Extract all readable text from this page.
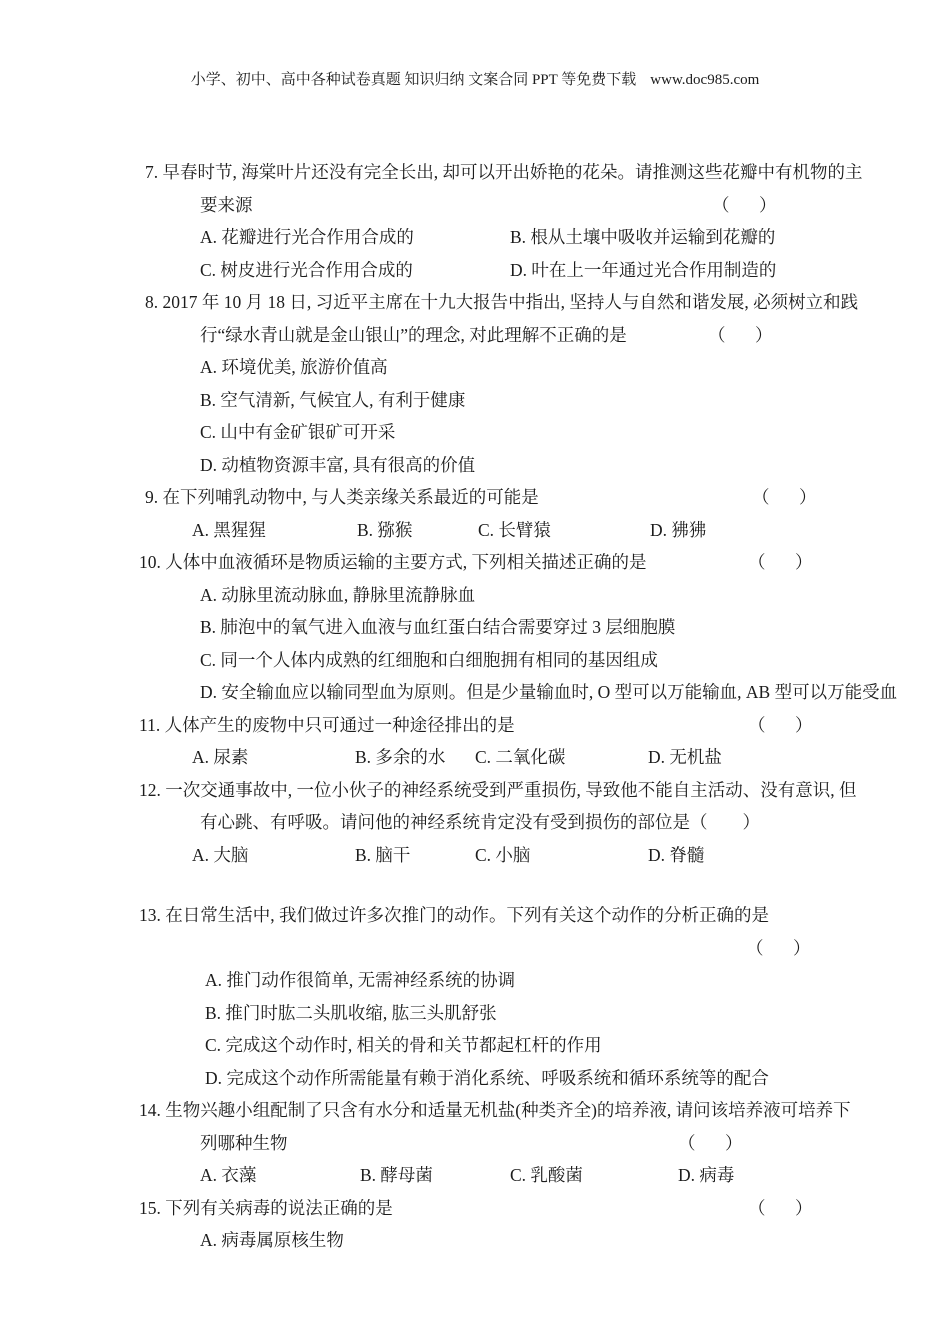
小学、初中、高中各种试卷真题 知识归纳 文案合同 PPT 等免费下载 www.doc985.com
7. 早春时节, 海棠叶片还没有完全长出, 却可以开出娇艳的花朵。请推测这些花瓣中有机物的主
要来源	（　）
A. 花瓣进行光合作用合成的	B. 根从土壤中吸收并运输到花瓣的
C. 树皮进行光合作用合成的	D. 叶在上一年通过光合作用制造的
8. 2017 年 10 月 18 日, 习近平主席在十九大报告中指出, 坚持人与自然和谐发展, 必须树立和践
行“绿水青山就是金山银山”的理念, 对此理解不正确的是	（　）
A. 环境优美, 旅游价值高
B. 空气清新, 气候宜人, 有利于健康
C. 山中有金矿银矿可开采
D. 动植物资源丰富, 具有很高的价值
9. 在下列哺乳动物中, 与人类亲缘关系最近的可能是	（　）
A. 黑猩猩	B. 猕猴	C. 长臂猿	D. 狒狒
10. 人体中血液循环是物质运输的主要方式, 下列相关描述正确的是	（　）
A. 动脉里流动脉血, 静脉里流静脉血
B. 肺泡中的氧气进入血液与血红蛋白结合需要穿过 3 层细胞膜
C. 同一个人体内成熟的红细胞和白细胞拥有相同的基因组成
D. 安全输血应以输同型血为原则。但是少量输血时, O 型可以万能输血, AB 型可以万能受血
11. 人体产生的废物中只可通过一种途径排出的是	（　）
A. 尿素	B. 多余的水 C. 二氧化碳	D. 无机盐
12. 一次交通事故中, 一位小伙子的神经系统受到严重损伤, 导致他不能自主活动、没有意识, 但
有心跳、有呼吸。请问他的神经系统肯定没有受到损伤的部位是（　　）
A. 大脑	B. 脑干	C. 小脑	D. 脊髓
13. 在日常生活中, 我们做过许多次推门的动作。下列有关这个动作的分析正确的是
（　）
A. 推门动作很简单, 无需神经系统的协调
B. 推门时肱二头肌收缩, 肱三头肌舒张
C. 完成这个动作时, 相关的骨和关节都起杠杆的作用
D. 完成这个动作所需能量有赖于消化系统、呼吸系统和循环系统等的配合
14. 生物兴趣小组配制了只含有水分和适量无机盐(种类齐全)的培养液, 请问该培养液可培养下
列哪种生物	（　）
A. 衣藻	B. 酵母菌	C. 乳酸菌	D. 病毒
15. 下列有关病毒的说法正确的是	（　）
A. 病毒属原核生物
